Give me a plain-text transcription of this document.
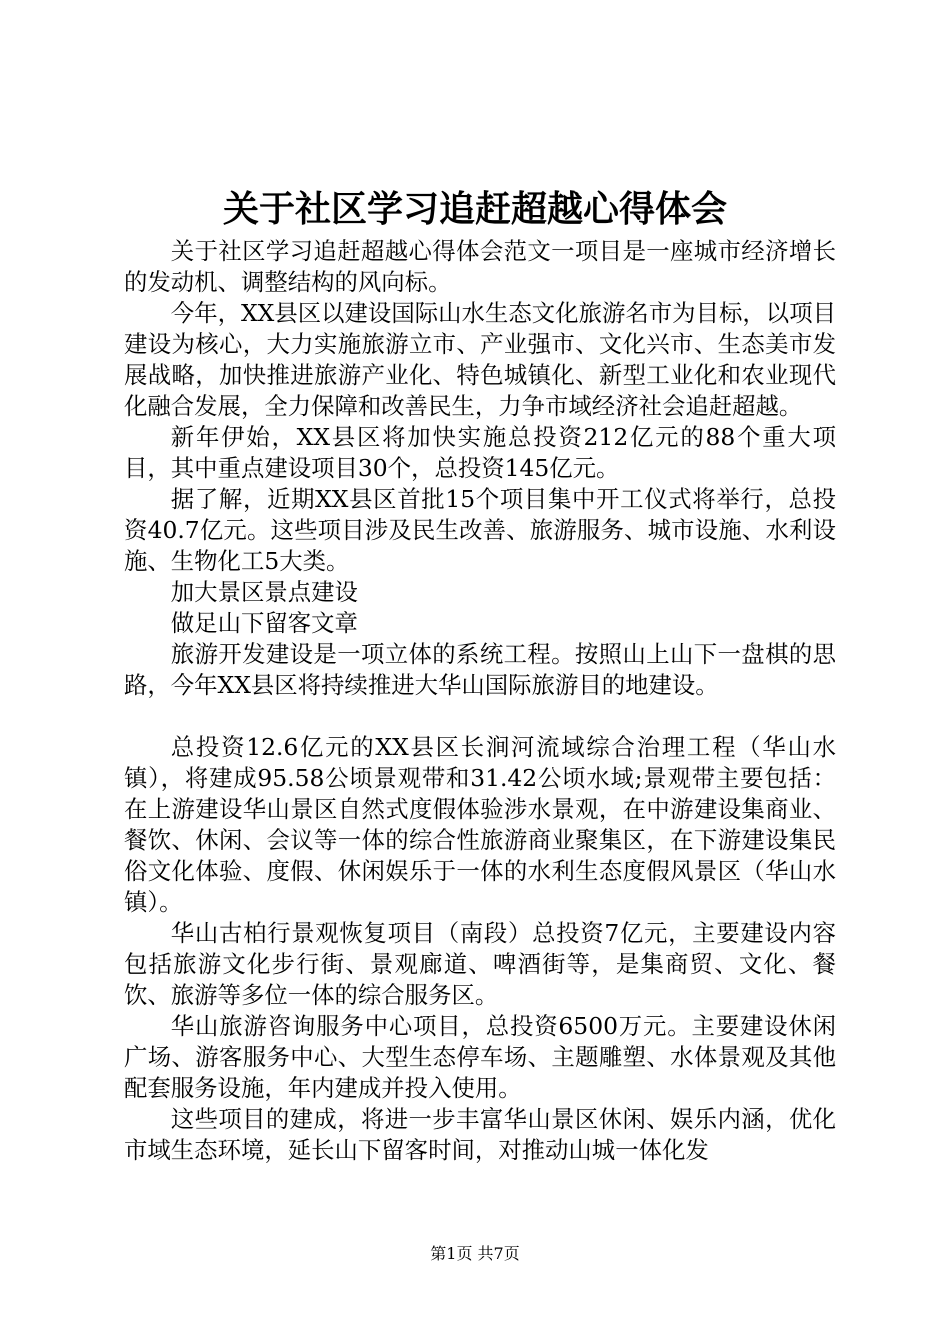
关于社区学习追赶超越心得体会

关于社区学习追赶超越心得体会范文一项目是一座城市经济增长的发动机、调整结构的风向标。

今年，XX县区以建设国际山水生态文化旅游名市为目标，以项目建设为核心，大力实施旅游立市、产业强市、文化兴市、生态美市发展战略，加快推进旅游产业化、特色城镇化、新型工业化和农业现代化融合发展，全力保障和改善民生，力争市域经济社会追赶超越。

新年伊始，XX县区将加快实施总投资212亿元的88个重大项目，其中重点建设项目30个，总投资145亿元。

据了解，近期XX县区首批15个项目集中开工仪式将举行，总投资40.7亿元。这些项目涉及民生改善、旅游服务、城市设施、水利设施、生物化工5大类。

加大景区景点建设

做足山下留客文章

旅游开发建设是一项立体的系统工程。按照山上山下一盘棋的思路，今年XX县区将持续推进大华山国际旅游目的地建设。

总投资12.6亿元的XX县区长涧河流域综合治理工程（华山水镇），将建成95.58公顷景观带和31.42公顷水域;景观带主要包括：在上游建设华山景区自然式度假体验涉水景观，在中游建设集商业、餐饮、休闲、会议等一体的综合性旅游商业聚集区，在下游建设集民俗文化体验、度假、休闲娱乐于一体的水利生态度假风景区（华山水镇）。

华山古柏行景观恢复项目（南段）总投资7亿元，主要建设内容包括旅游文化步行街、景观廊道、啤酒街等，是集商贸、文化、餐饮、旅游等多位一体的综合服务区。

华山旅游咨询服务中心项目，总投资6500万元。主要建设休闲广场、游客服务中心、大型生态停车场、主题雕塑、水体景观及其他配套服务设施，年内建成并投入使用。

这些项目的建成，将进一步丰富华山景区休闲、娱乐内涵，优化市域生态环境，延长山下留客时间，对推动山城一体化发

第1页 共7页
